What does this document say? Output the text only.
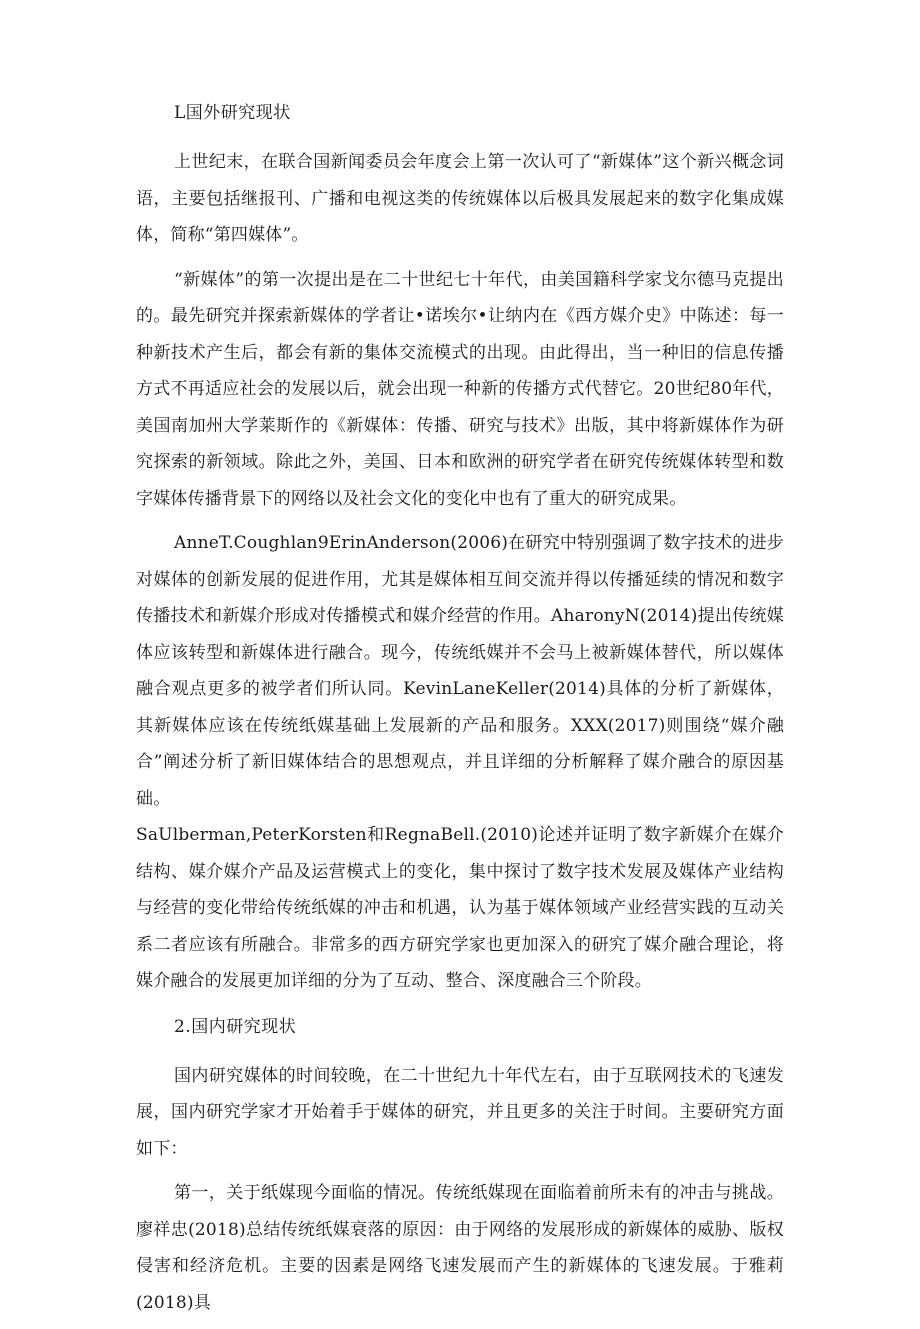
L国外研究现状

上世纪末，在联合国新闻委员会年度会上第一次认可了“新媒体”这个新兴概念词语，主要包括继报刊、广播和电视这类的传统媒体以后极具发展起来的数字化集成媒体，简称“第四媒体”。

“新媒体”的第一次提出是在二十世纪七十年代，由美国籍科学家戈尔德马克提出的。最先研究并探索新媒体的学者让•诺埃尔•让纳内在《西方媒介史》中陈述：每一种新技术产生后，都会有新的集体交流模式的出现。由此得出，当一种旧的信息传播方式不再适应社会的发展以后，就会出现一种新的传播方式代替它。20世纪80年代，美国南加州大学莱斯作的《新媒体：传播、研究与技术》出版，其中将新媒体作为研究探索的新领域。除此之外，美国、日本和欧洲的研究学者在研究传统媒体转型和数字媒体传播背景下的网络以及社会文化的变化中也有了重大的研究成果。

AnneT.Coughlan9ErinAnderson(2006)在研究中特别强调了数字技术的进步对媒体的创新发展的促进作用，尤其是媒体相互间交流并得以传播延续的情况和数字传播技术和新媒介形成对传播模式和媒介经营的作用。AharonyN(2014)提出传统媒体应该转型和新媒体进行融合。现今，传统纸媒并不会马上被新媒体替代，所以媒体融合观点更多的被学者们所认同。KevinLaneKeller(2014)具体的分析了新媒体，其新媒体应该在传统纸媒基础上发展新的产品和服务。XXX(2017)则围绕“媒介融合”阐述分析了新旧媒体结合的思想观点，并且详细的分析解释了媒介融合的原因基础。

SaUlberman,PeterKorsten和RegnaBell.(2010)论述并证明了数字新媒介在媒介结构、媒介媒介产品及运营模式上的变化，集中探讨了数字技术发展及媒体产业结构与经营的变化带给传统纸媒的冲击和机遇，认为基于媒体领域产业经营实践的互动关系二者应该有所融合。非常多的西方研究学家也更加深入的研究了媒介融合理论，将媒介融合的发展更加详细的分为了互动、整合、深度融合三个阶段。

2.国内研究现状

国内研究媒体的时间较晚，在二十世纪九十年代左右，由于互联网技术的飞速发展，国内研究学家才开始着手于媒体的研究，并且更多的关注于时间。主要研究方面如下：

第一，关于纸媒现今面临的情况。传统纸媒现在面临着前所未有的冲击与挑战。廖祥忠(2018)总结传统纸媒衰落的原因：由于网络的发展形成的新媒体的威胁、版权侵害和经济危机。主要的因素是网络飞速发展而产生的新媒体的飞速发展。于雅莉(2018)具
